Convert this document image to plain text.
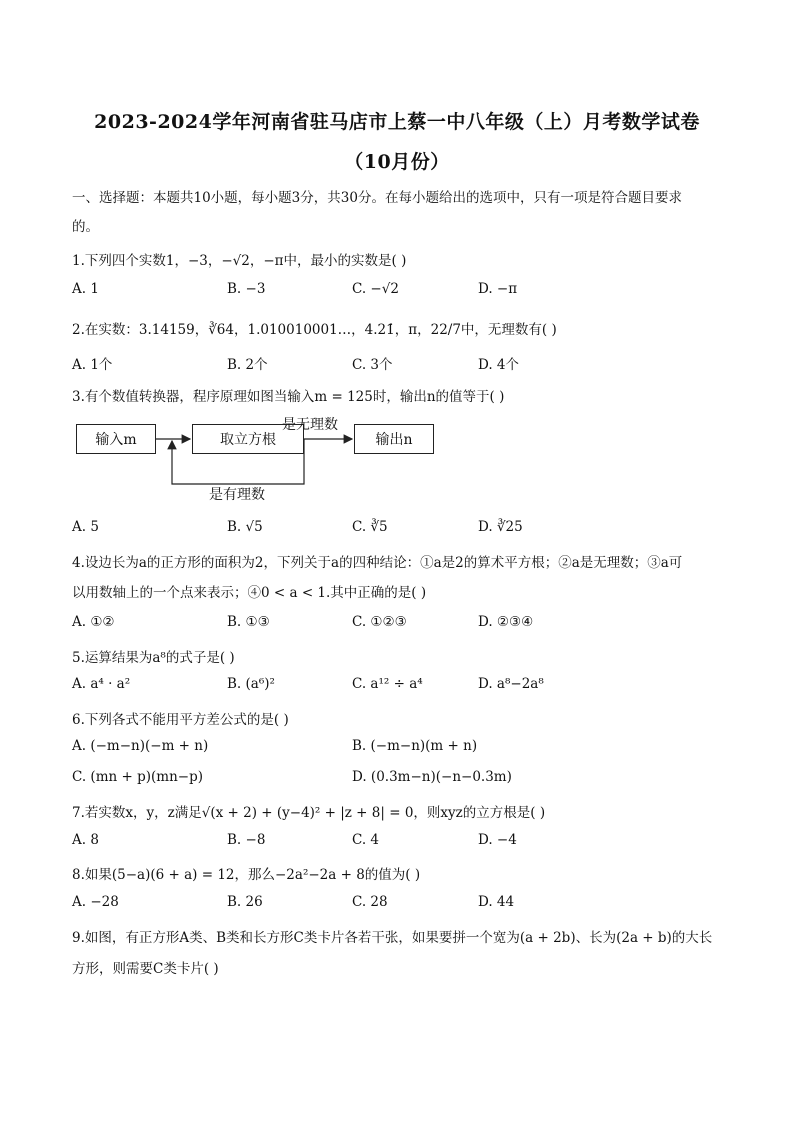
2023-2024学年河南省驻马店市上蔡一中八年级（上）月考数学试卷
（10月份）
一、选择题：本题共10小题，每小题3分，共30分。在每小题给出的选项中，只有一项是符合题目要求
的。
1.下列四个实数1，−3，−√2，−π中，最小的实数是( )
A. 1	B. −3	C. −√2	D. −π
2.在实数：3.14159，∛64，1.010010001…，4.21̇，π，22/7中，无理数有( )
A. 1个	B. 2个	C. 3个	D. 4个
3.有个数值转换器，程序原理如图当输入m = 125时，输出n的值等于( )
输入m	取立方根	输出n
是无理数
是有理数
A. 5	B. √5	C. ∛5	D. ∛25
4.设边长为a的正方形的面积为2，下列关于a的四种结论：①a是2的算术平方根；②a是无理数；③a可
以用数轴上的一个点来表示；④0 < a < 1.其中正确的是( )
A. ①②	B. ①③	C. ①②③	D. ②③④
5.运算结果为a⁸的式子是( )
A. a⁴ · a²	B. (a⁶)²	C. a¹² ÷ a⁴	D. a⁸−2a⁸
6.下列各式不能用平方差公式的是( )
A. (−m−n)(−m + n)	B. (−m−n)(m + n)
C. (mn + p)(mn−p)	D. (0.3m−n)(−n−0.3m)
7.若实数x，y，z满足√(x + 2) + (y−4)² + |z + 8| = 0，则xyz的立方根是( )
A. 8	B. −8	C. 4	D. −4
8.如果(5−a)(6 + a) = 12，那么−2a²−2a + 8的值为( )
A. −28	B. 26	C. 28	D. 44
9.如图，有正方形A类、B类和长方形C类卡片各若干张，如果要拼一个宽为(a + 2b)、长为(2a + b)的大长
方形，则需要C类卡片( )
